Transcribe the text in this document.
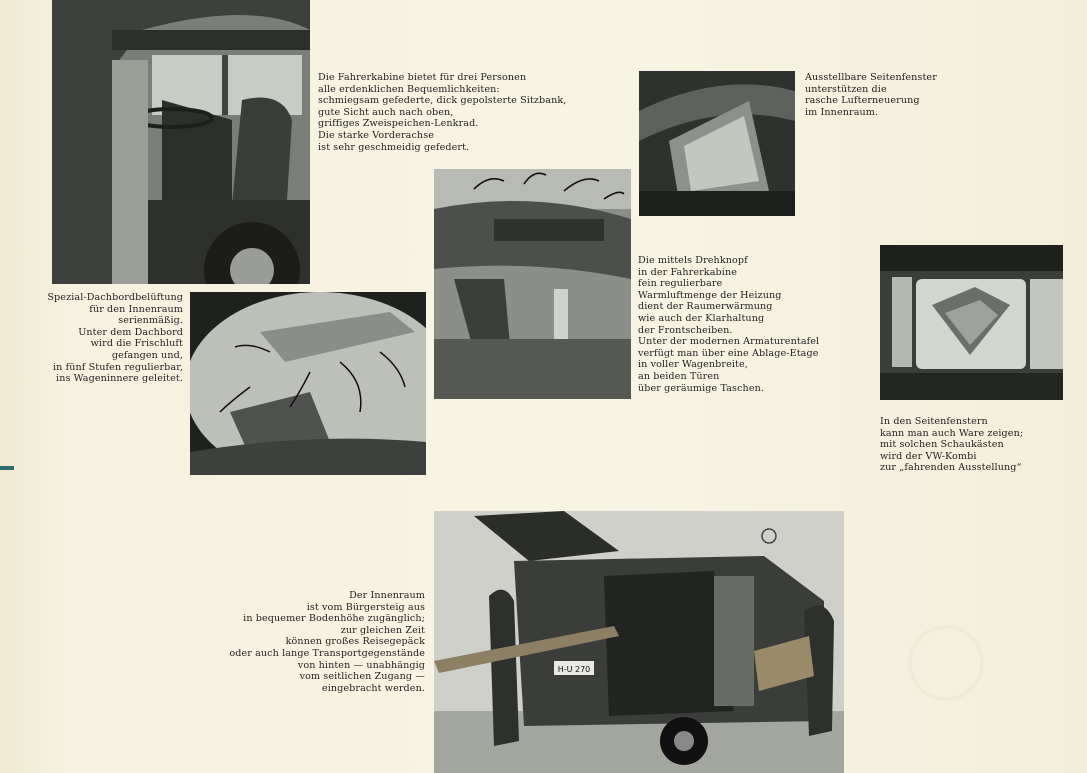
Die Fahrerkabine bietet für drei Personen
alle erdenklichen Bequemlichkeiten:
schmiegsam gefederte, dick gepolsterte Sitzbank,
gute Sicht auch nach oben,
griffiges Zweispeichen-Lenkrad.
Die starke Vorderachse
ist sehr geschmeidig gefedert.
Ausstellbare Seitenfenster
unterstützen die
rasche Lufterneuerung
im Innenraum.
Die mittels Drehknopf
in der Fahrerkabine
fein regulierbare
Warmluftmenge der Heizung
dient der Raumerwärmung
wie auch der Klarhaltung
der Frontscheiben.
Unter der modernen Armaturentafel
verfügt man über eine Ablage-Etage
in voller Wagenbreite,
an beiden Türen
über geräumige Taschen.
Spezial-Dachbordbelüftung
für den Innenraum
serienmäßig.
Unter dem Dachbord
wird die Frischluft
gefangen und,
in fünf Stufen regulierbar,
ins Wageninnere geleitet.
In den Seitenfenstern
kann man auch Ware zeigen;
mit solchen Schaukästen
wird der VW-Kombi
zur „fahrenden Ausstellung“
H-U 270
Der Innenraum
ist vom Bürgersteig aus
in bequemer Bodenhöhe zugänglich;
zur gleichen Zeit
können großes Reisegepäck
oder auch lange Transportgegenstände
von hinten — unabhängig
vom seitlichen Zugang —
eingebracht werden.
